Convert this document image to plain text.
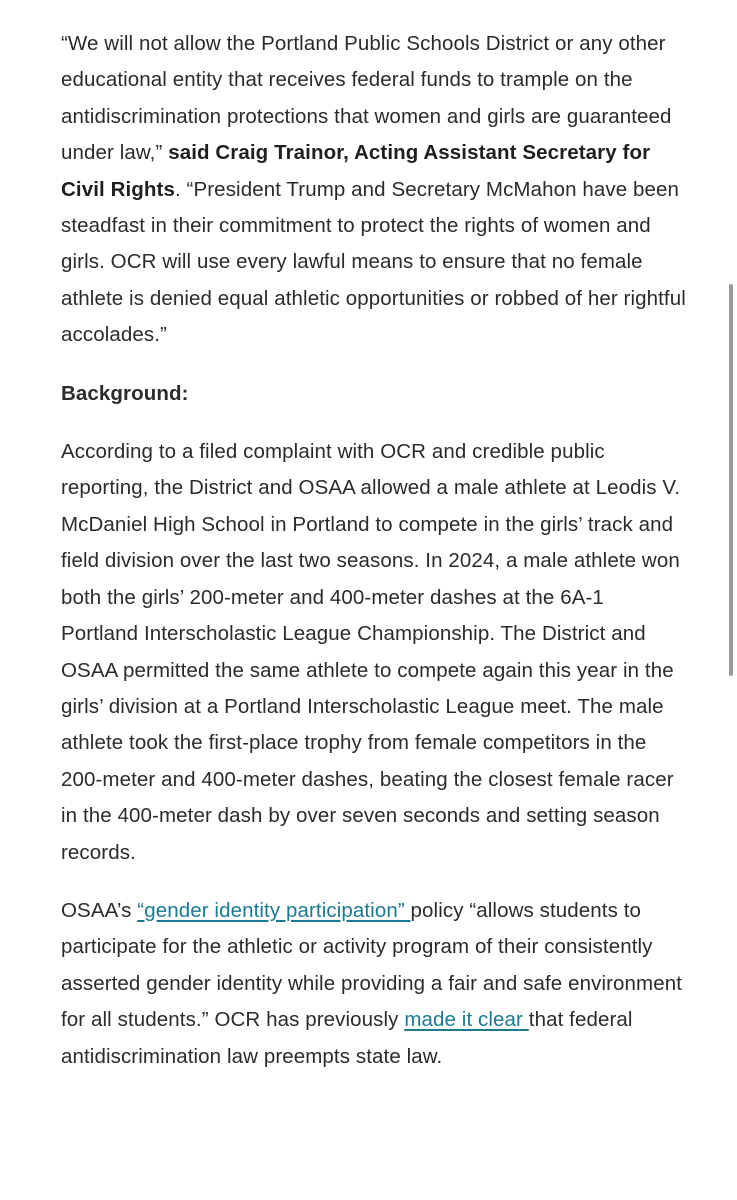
“We will not allow the Portland Public Schools District or any other educational entity that receives federal funds to trample on the antidiscrimination protections that women and girls are guaranteed under law,” said Craig Trainor, Acting Assistant Secretary for Civil Rights. “President Trump and Secretary McMahon have been steadfast in their commitment to protect the rights of women and girls. OCR will use every lawful means to ensure that no female athlete is denied equal athletic opportunities or robbed of her rightful accolades.”

Background:

According to a filed complaint with OCR and credible public reporting, the District and OSAA allowed a male athlete at Leodis V. McDaniel High School in Portland to compete in the girls’ track and field division over the last two seasons. In 2024, a male athlete won both the girls’ 200-meter and 400-meter dashes at the 6A-1 Portland Interscholastic League Championship. The District and OSAA permitted the same athlete to compete again this year in the girls’ division at a Portland Interscholastic League meet. The male athlete took the first-place trophy from female competitors in the 200-meter and 400-meter dashes, beating the closest female racer in the 400-meter dash by over seven seconds and setting season records.

OSAA’s “gender identity participation” policy “allows students to participate for the athletic or activity program of their consistently asserted gender identity while providing a fair and safe environment for all students.” OCR has previously made it clear that federal antidiscrimination law preempts state law.
